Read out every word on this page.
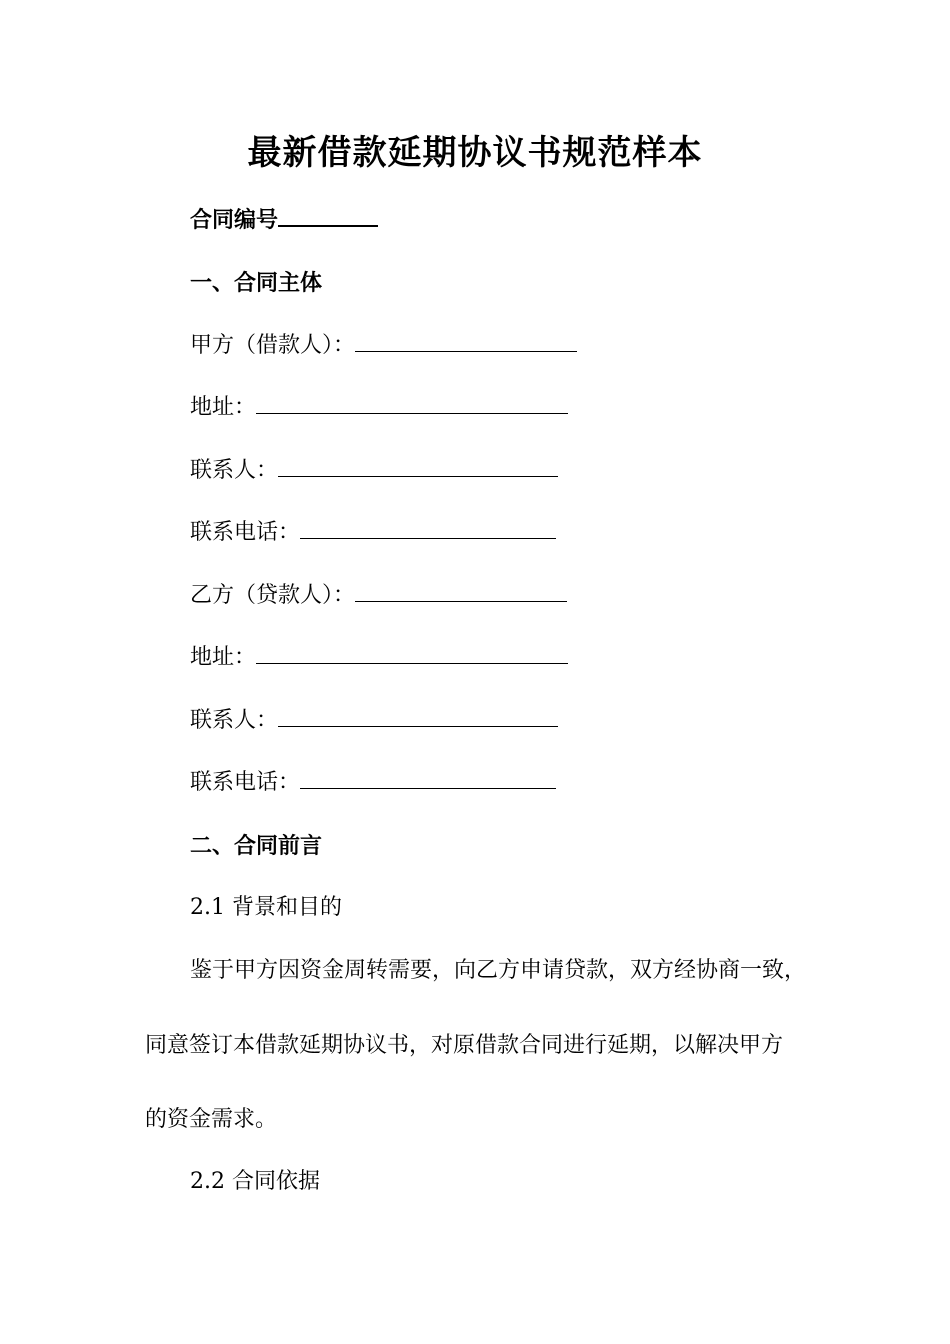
最新借款延期协议书规范样本
合同编号
一、合同主体
甲方（借款人）：
地址：
联系人：
联系电话：
乙方（贷款人）：
地址：
联系人：
联系电话：
二、合同前言
2.1 背景和目的
鉴于甲方因资金周转需要，向乙方申请贷款，双方经协商一致，
同意签订本借款延期协议书，对原借款合同进行延期，以解决甲方
的资金需求。
2.2 合同依据
